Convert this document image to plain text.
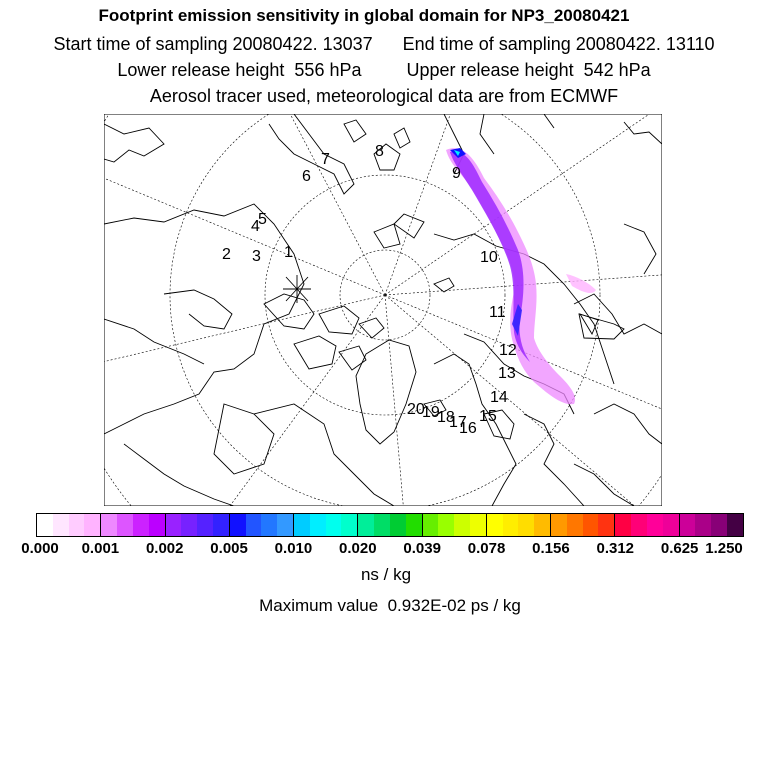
Footprint emission sensitivity in global domain for NP3_20080421
Start time of sampling 20080422. 13037      End time of sampling 20080422. 13110
Lower release height  556 hPa         Upper release height  542 hPa
Aerosol tracer used, meteorological data are from ECMWF
1
2 3
4
5
6
7	8
9
10
11
12
13
14
15
16
17
18
19
20
0.000 0.001 0.002 0.005 0.010 0.020 0.039 0.078 0.156 0.312 0.625 1.250
ns / kg
Maximum value  0.932E-02 ps / kg
